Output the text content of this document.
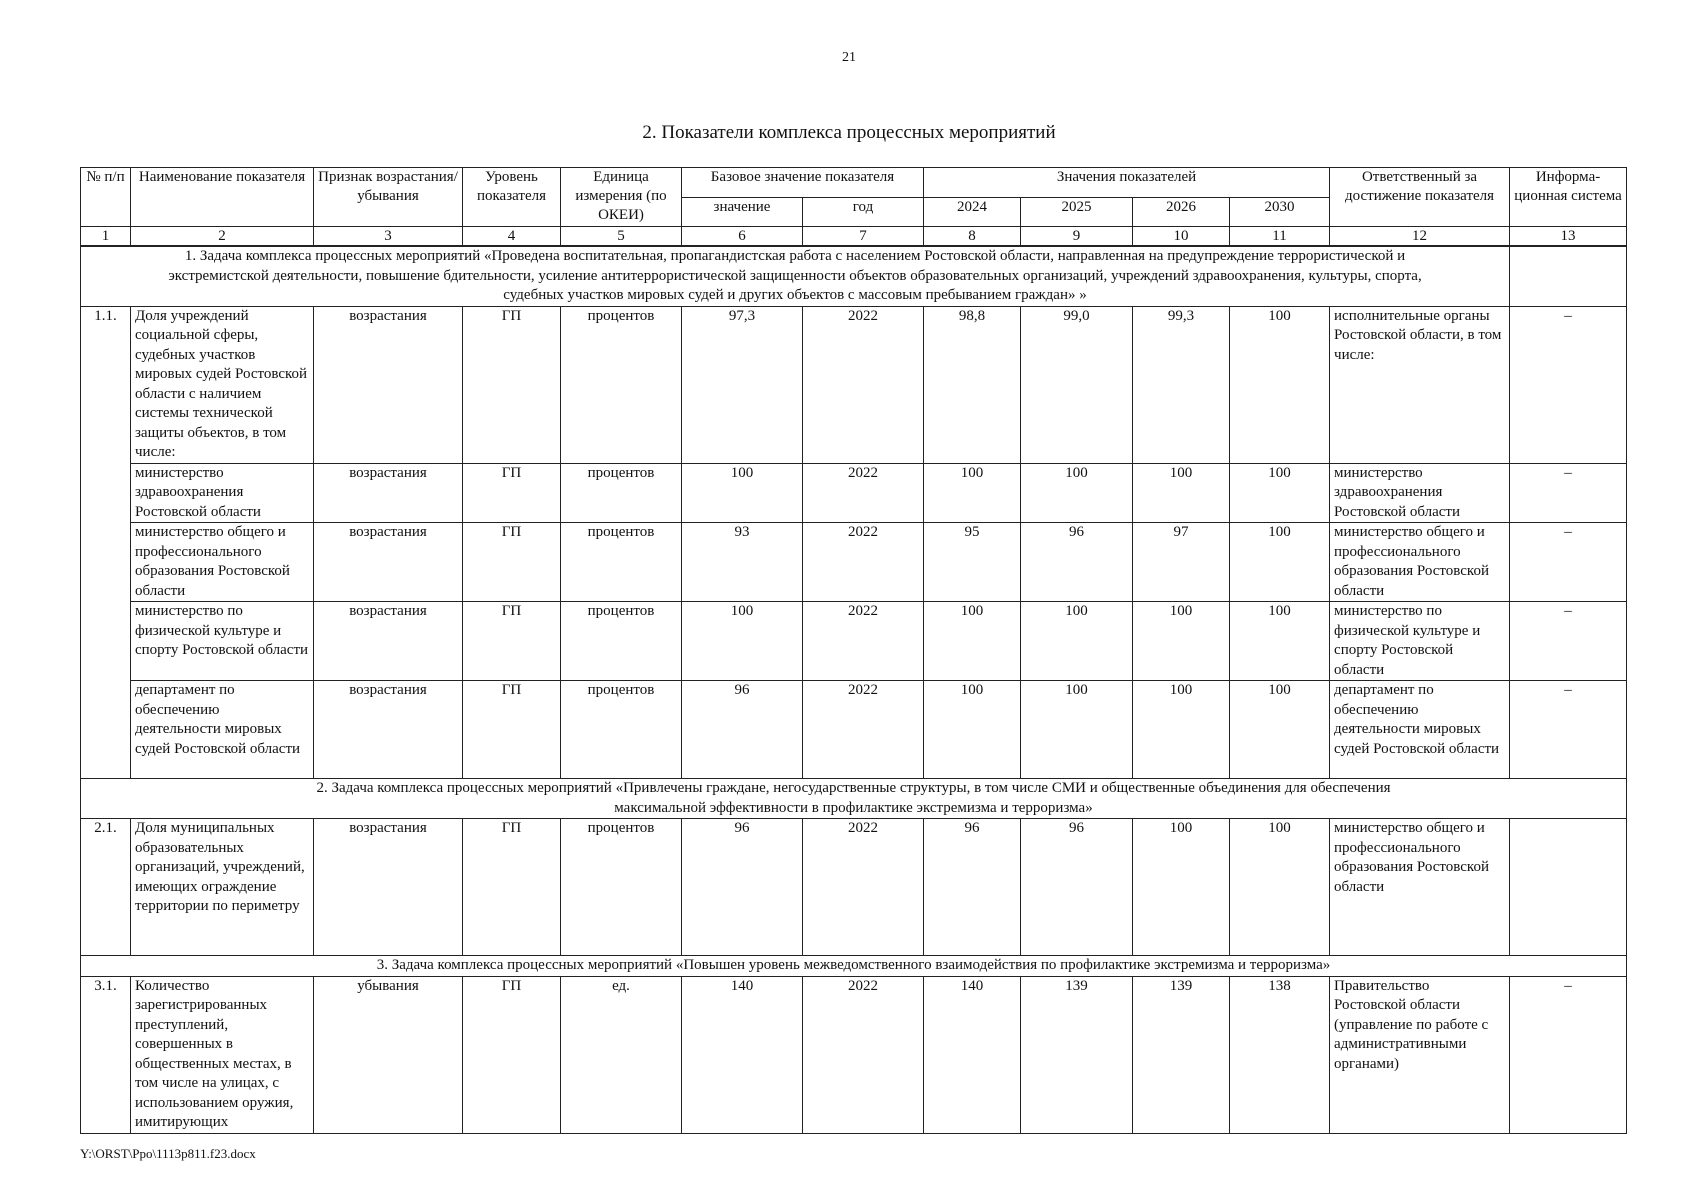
21
2. Показатели комплекса процессных мероприятий
№ п/п	Наименование показателя	Признак возрастания/ убывания	Уровень показателя	Единица измерения (по ОКЕИ)	Базовое значение показателя		Значения показателей				Ответственный за достижение показателя	Информа-ционная система
					значение	год	2024	2025	2026	2030		
1	2	3	4	5	6	7	8	9	10	11	12	13
1. Задача комплекса процессных мероприятий «Проведена воспитательная, пропагандистская работа с населением Ростовской области, направленная на предупреждение террористической и экстремистской деятельности, повышение бдительности, усиление антитеррористической защищенности объектов образовательных организаций, учреждений здравоохранения, культуры, спорта, судебных участков мировых судей и других объектов с массовым пребыванием граждан» »												
1.1.	Доля учреждений социальной сферы, судебных участков мировых судей Ростовской области с наличием системы технической защиты объектов, в том числе:	возрастания	ГП	процентов	97,3	2022	98,8	99,0	99,3	100	исполнительные органы Ростовской области, в том числе:	–
	министерство здравоохранения Ростовской области	возрастания	ГП	процентов	100	2022	100	100	100	100	министерство здравоохранения Ростовской области	–
	министерство общего и профессионального образования Ростовской области	возрастания	ГП	процентов	93	2022	95	96	97	100	министерство общего и профессионального образования Ростовской области	–
	министерство по физической культуре и спорту Ростовской области	возрастания	ГП	процентов	100	2022	100	100	100	100	министерство по физической культуре и спорту Ростовской области	–
	департамент по обеспечению деятельности мировых судей Ростовской области	возрастания	ГП	процентов	96	2022	100	100	100	100	департамент по обеспечению деятельности мировых судей Ростовской области	–
2. Задача комплекса процессных мероприятий «Привлечены граждане, негосударственные структуры, в том числе СМИ и общественные объединения для обеспечения максимальной эффективности в профилактике экстремизма и терроризма»												
2.1.	Доля муниципальных образовательных организаций, учреждений, имеющих ограждение территории по периметру	возрастания	ГП	процентов	96	2022	96	96	100	100	министерство общего и профессионального образования Ростовской области	
3. Задача комплекса процессных мероприятий «Повышен уровень межведомственного взаимодействия по профилактике экстремизма и терроризма»												
3.1.	Количество зарегистрированных преступлений, совершенных в общественных местах, в том числе на улицах, с использованием оружия, имитирующих	убывания	ГП	ед.	140	2022	140	139	139	138	Правительство Ростовской области (управление по работе с административными органами)	–
Y:\ORST\Ppo\1113p811.f23.docx
